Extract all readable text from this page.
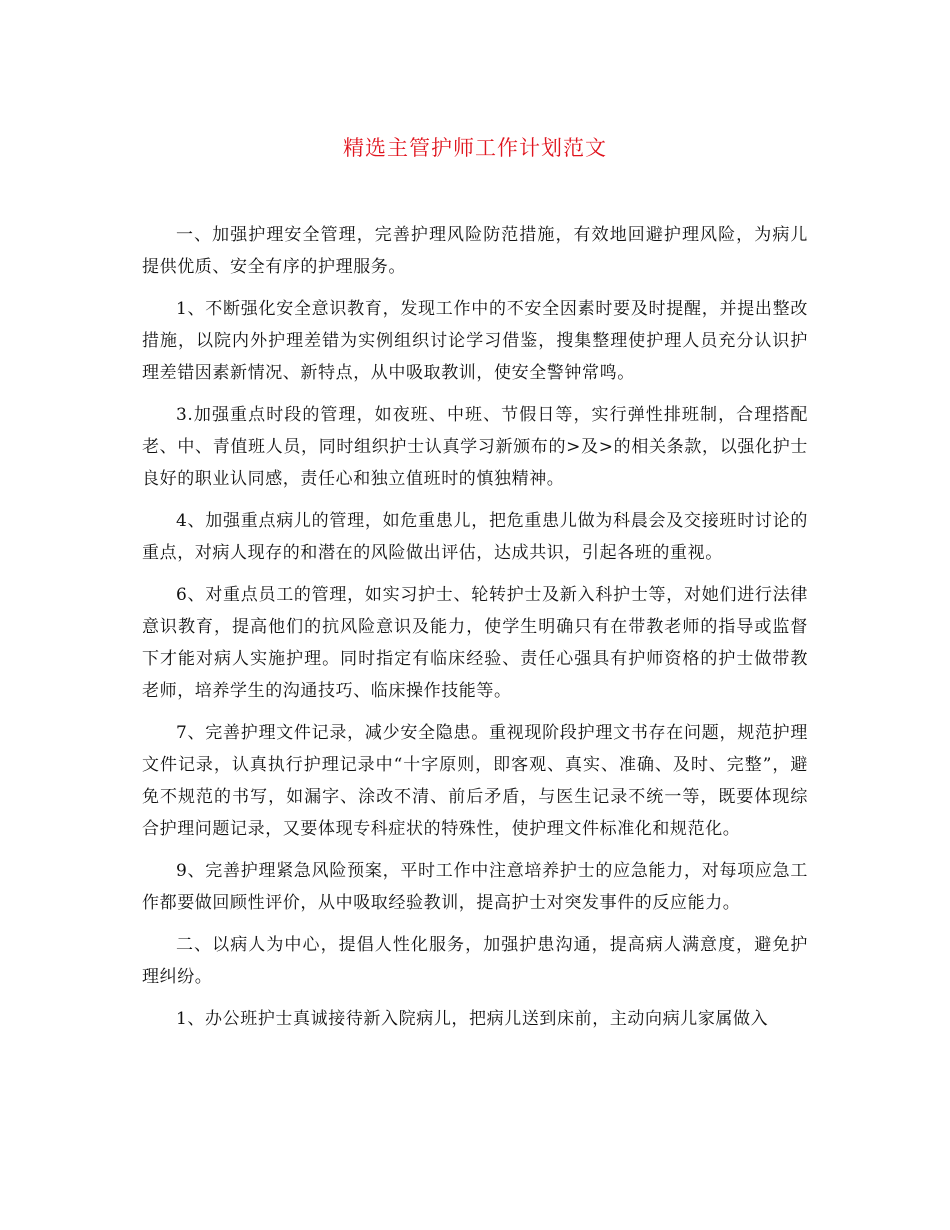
精选主管护师工作计划范文

一、加强护理安全管理，完善护理风险防范措施，有效地回避护理风险，为病儿提供优质、安全有序的护理服务。

1、不断强化安全意识教育，发现工作中的不安全因素时要及时提醒，并提出整改措施，以院内外护理差错为实例组织讨论学习借鉴，搜集整理使护理人员充分认识护理差错因素新情况、新特点，从中吸取教训，使安全警钟常鸣。

3.加强重点时段的管理，如夜班、中班、节假日等，实行弹性排班制，合理搭配老、中、青值班人员，同时组织护士认真学习新颁布的>及>的相关条款，以强化护士良好的职业认同感，责任心和独立值班时的慎独精神。

4、加强重点病儿的管理，如危重患儿，把危重患儿做为科晨会及交接班时讨论的重点，对病人现存的和潜在的风险做出评估，达成共识，引起各班的重视。

6、对重点员工的管理，如实习护士、轮转护士及新入科护士等，对她们进行法律意识教育，提高他们的抗风险意识及能力，使学生明确只有在带教老师的指导或监督下才能对病人实施护理。同时指定有临床经验、责任心强具有护师资格的护士做带教老师，培养学生的沟通技巧、临床操作技能等。

7、完善护理文件记录，减少安全隐患。重视现阶段护理文书存在问题，规范护理文件记录，认真执行护理记录中“十字原则，即客观、真实、准确、及时、完整”，避免不规范的书写，如漏字、涂改不清、前后矛盾，与医生记录不统一等，既要体现综合护理问题记录，又要体现专科症状的特殊性，使护理文件标准化和规范化。

9、完善护理紧急风险预案，平时工作中注意培养护士的应急能力，对每项应急工作都要做回顾性评价，从中吸取经验教训，提高护士对突发事件的反应能力。

二、以病人为中心，提倡人性化服务，加强护患沟通，提高病人满意度，避免护理纠纷。

1、办公班护士真诚接待新入院病儿，把病儿送到床前，主动向病儿家属做入
